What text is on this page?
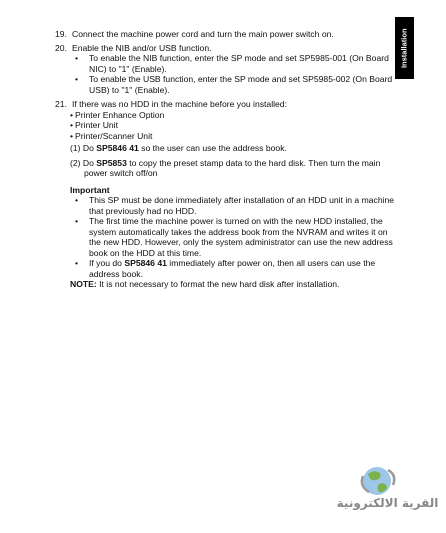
Installation
19. Connect the machine power cord and turn the main power switch on.
20. Enable the NIB and/or USB function.
•	To enable the NIB function, enter the SP mode and set SP5985-001 (On Board NIC) to "1" (Enable).
•	To enable the USB function, enter the SP mode and set SP5985-002 (On Board USB) to "1" (Enable).
21. If there was no HDD in the machine before you installed:
• Printer Enhance Option
• Printer Unit
• Printer/Scanner Unit
(1) Do SP5846 41 so the user can use the address book.
(2) Do SP5853 to copy the preset stamp data to the hard disk. Then turn the main power switch off/on
Important
•	This SP must be done immediately after installation of an HDD unit in a machine that previously had no HDD.
•	The first time the machine power is turned on with the new HDD installed, the system automatically takes the address book from the NVRAM and writes it on the new HDD. However, only the system administrator can use the new address book on the HDD at this time.
•	If you do SP5846 41 immediately after power on, then all users can use the address book.
NOTE: It is not necessary to format the new hard disk after installation.
القرية الالكترونية
